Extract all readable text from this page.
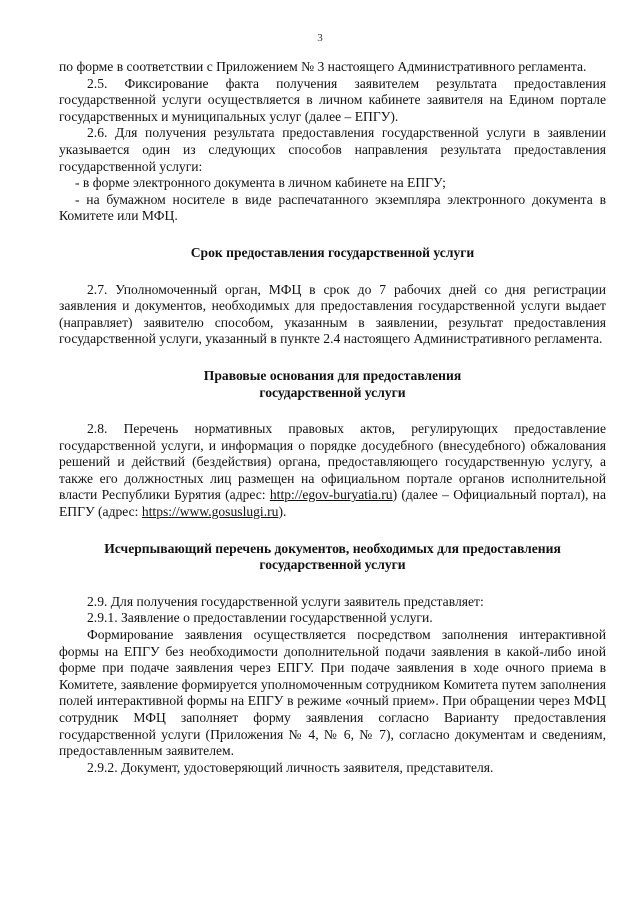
3

по форме в соответствии с Приложением № 3 настоящего Административного регламента.

2.5. Фиксирование факта получения заявителем результата предоставления государственной услуги осуществляется в личном кабинете заявителя на Едином портале государственных и муниципальных услуг (далее – ЕПГУ).

2.6. Для получения результата предоставления государственной услуги в заявлении указывается один из следующих способов направления результата предоставления государственной услуги:

- в форме электронного документа в личном кабинете на ЕПГУ;

- на бумажном носителе в виде распечатанного экземпляра электронного документа в Комитете или МФЦ.

Срок предоставления государственной услуги

2.7. Уполномоченный орган, МФЦ в срок до 7 рабочих дней со дня регистрации заявления и документов, необходимых для предоставления государственной услуги выдает (направляет) заявителю способом, указанным в заявлении, результат предоставления государственной услуги, указанный в пункте 2.4 настоящего Административного регламента.

Правовые основания для предоставления
государственной услуги

2.8. Перечень нормативных правовых актов, регулирующих предоставление государственной услуги, и информация о порядке досудебного (внесудебного) обжалования решений и действий (бездействия) органа, предоставляющего государственную услугу, а также его должностных лиц размещен на официальном портале органов исполнительной власти Республики Бурятия (адрес: http://egov-buryatia.ru) (далее – Официальный портал), на ЕПГУ (адрес: https://www.gosuslugi.ru).

Исчерпывающий перечень документов, необходимых для предоставления
государственной услуги

2.9. Для получения государственной услуги заявитель представляет:

2.9.1. Заявление о предоставлении государственной услуги.

Формирование заявления осуществляется посредством заполнения интерактивной формы на ЕПГУ без необходимости дополнительной подачи заявления в какой-либо иной форме при подаче заявления через ЕПГУ. При подаче заявления в ходе очного приема в Комитете, заявление формируется уполномоченным сотрудником Комитета путем заполнения полей интерактивной формы на ЕПГУ в режиме «очный прием». При обращении через МФЦ сотрудник МФЦ заполняет форму заявления согласно Варианту предоставления государственной услуги (Приложения № 4, № 6, № 7), согласно документам и сведениям, предоставленным заявителем.

2.9.2. Документ, удостоверяющий личность заявителя, представителя.
